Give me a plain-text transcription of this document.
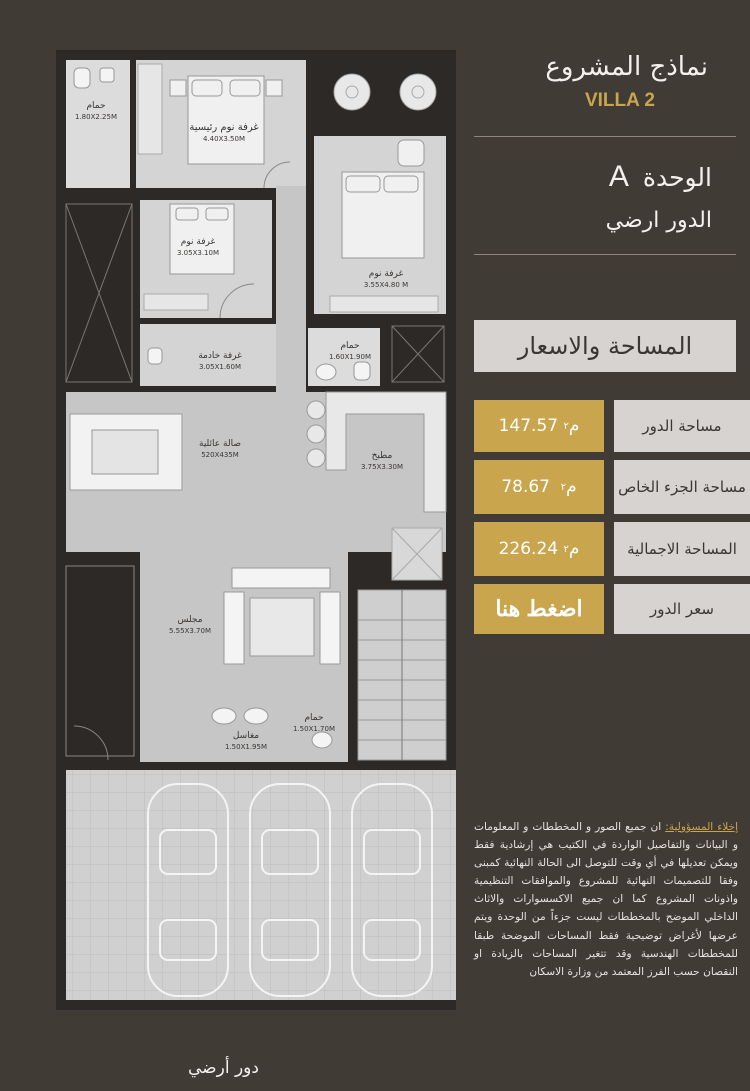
حمام
1.80X2.25M
غرفة نوم رئيسية
4.40X3.50M
غرفة نوم
3.05X3.10M
غرفة نوم
3.55X4.80 M
غرفة خادمة
3.05X1.60M
حمام
1.60X1.90M
صالة عائلية
520X435M	مطبخ
3.75X3.30M
مجلس
5.55X3.70M
حمام
1.50X1.70M
مغاسل
1.50X1.95M
نماذج المشروع
VILLA 2
الوحدةA
الدور ارضي
المساحة والاسعار
مساحة الدور
م
٢

147.57
مساحة الجزء الخاص
م
٢

78.67
المساحة الاجمالية
م
٢

226.24
سعر الدور
اضغط هنا
إخلاء المسؤولية: ان جميع الصور و المخططات و المعلومات و البيانات والتفاصيل الواردة في الكتيب هي إرشادية فقط ويمكن تعديلها في أي وقت للتوصل الى الحالة النهائية كمبنى وفقا للتصميمات النهائية للمشروع والموافقات التنظيمية واذونات المشروع كما ان جميع الاكسسوارات والاثاث الداخلي الموضح بالمخططات ليست جزءاً من الوحدة ويتم عرضها لأغراض توضيحية فقط المساحات الموضحة طبقا للمخططات الهندسية وقد تتغير المساحات بالزيادة او النقصان حسب الفرز المعتمد من وزارة الاسكان
دور أرضي
